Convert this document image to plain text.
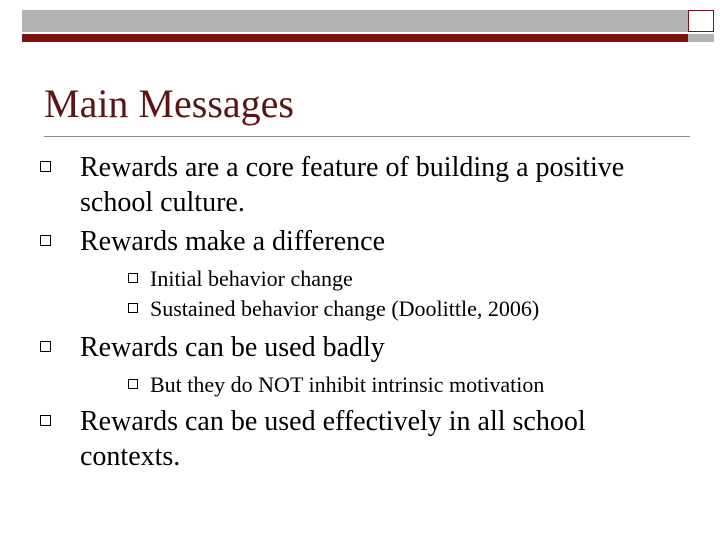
Main Messages
Rewards are a core feature of building a positive school culture.
Rewards make a difference
Initial behavior change
Sustained behavior change (Doolittle, 2006)
Rewards can be used badly
But they do NOT inhibit intrinsic motivation
Rewards can be used effectively in all school contexts.
